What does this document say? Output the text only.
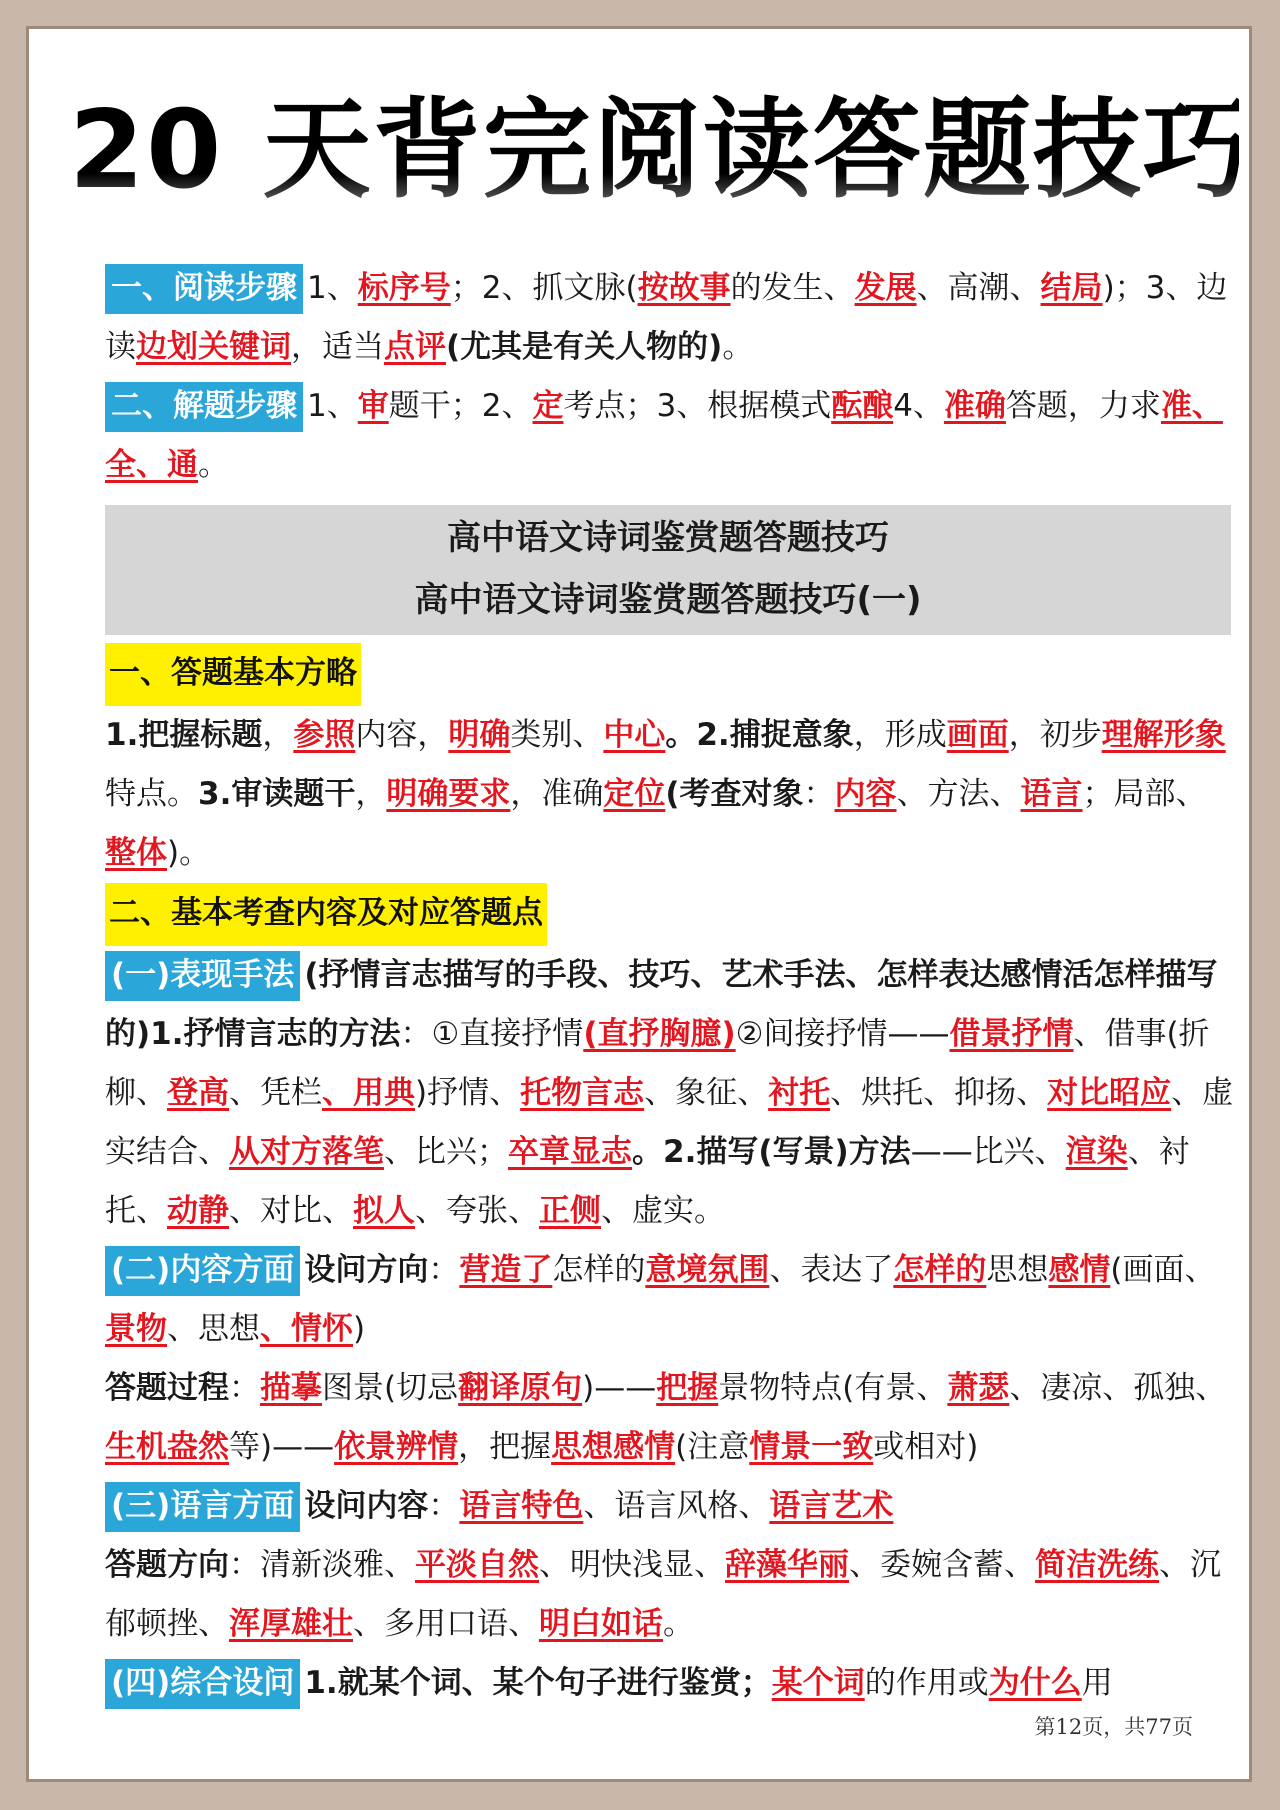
20 天背完阅读答题技巧

一、阅读步骤 1、标序号；2、抓文脉(按故事的发生、发展、高潮、结局)；3、边读边划关键词，适当点评(尤其是有关人物的)。

二、解题步骤 1、审题干；2、定考点；3、根据模式酝酿4、准确答题，力求准、全、通。

高中语文诗词鉴赏题答题技巧
高中语文诗词鉴赏题答题技巧(一)
一、答题基本方略

1.把握标题，参照内容，明确类别、中心。2.捕捉意象，形成画面，初步理解形象特点。3.审读题干，明确要求，准确定位(考查对象：内容、方法、语言；局部、整体)。

二、基本考查内容及对应答题点

(一)表现手法 (抒情言志描写的手段、技巧、艺术手法、怎样表达感情活怎样描写的)1.抒情言志的方法：①直接抒情(直抒胸臆)②间接抒情——借景抒情、借事(折柳、登高、凭栏、用典)抒情、托物言志、象征、衬托、烘托、抑扬、对比昭应、虚实结合、从对方落笔、比兴；卒章显志。2.描写(写景)方法——比兴、渲染、衬托、动静、对比、拟人、夸张、正侧、虚实。

(二)内容方面 设问方向：营造了怎样的意境氛围、表达了怎样的思想感情(画面、景物、思想、情怀)

答题过程：描摹图景(切忌翻译原句)——把握景物特点(有景、萧瑟、凄凉、孤独、生机盎然等)——依景辨情，把握思想感情(注意情景一致或相对)

(三)语言方面 设问内容：语言特色、语言风格、语言艺术

答题方向：清新淡雅、平淡自然、明快浅显、辞藻华丽、委婉含蓄、简洁洗练、沉郁顿挫、浑厚雄壮、多用口语、明白如话。

(四)综合设问 1.就某个词、某个句子进行鉴赏；某个词的作用或为什么用

第12页，共77页
